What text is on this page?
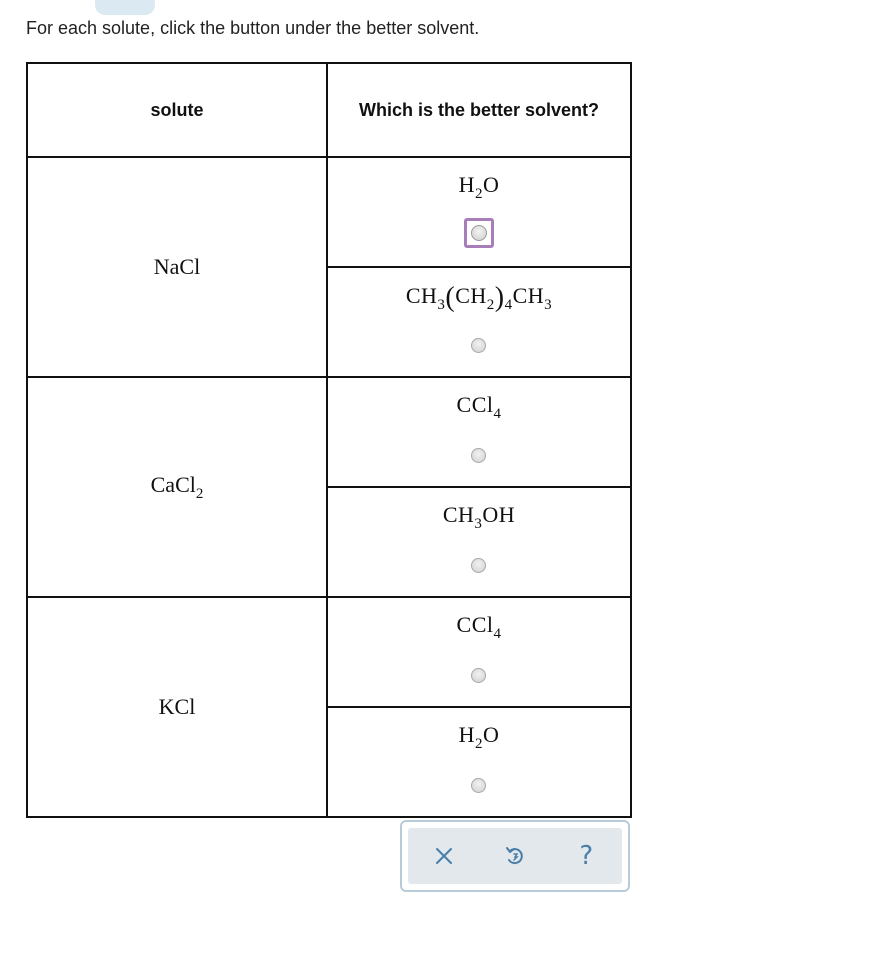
For each solute, click the button under the better solvent.
solute	Which is the better solvent?
NaCl	$H_2O$

	$CH_3(CH_2)_4CH_3$

CaCl$_2$	CCl$_4$

	$CH_3OH$

KCl	CCl$_4$

	$H_2O$
?
